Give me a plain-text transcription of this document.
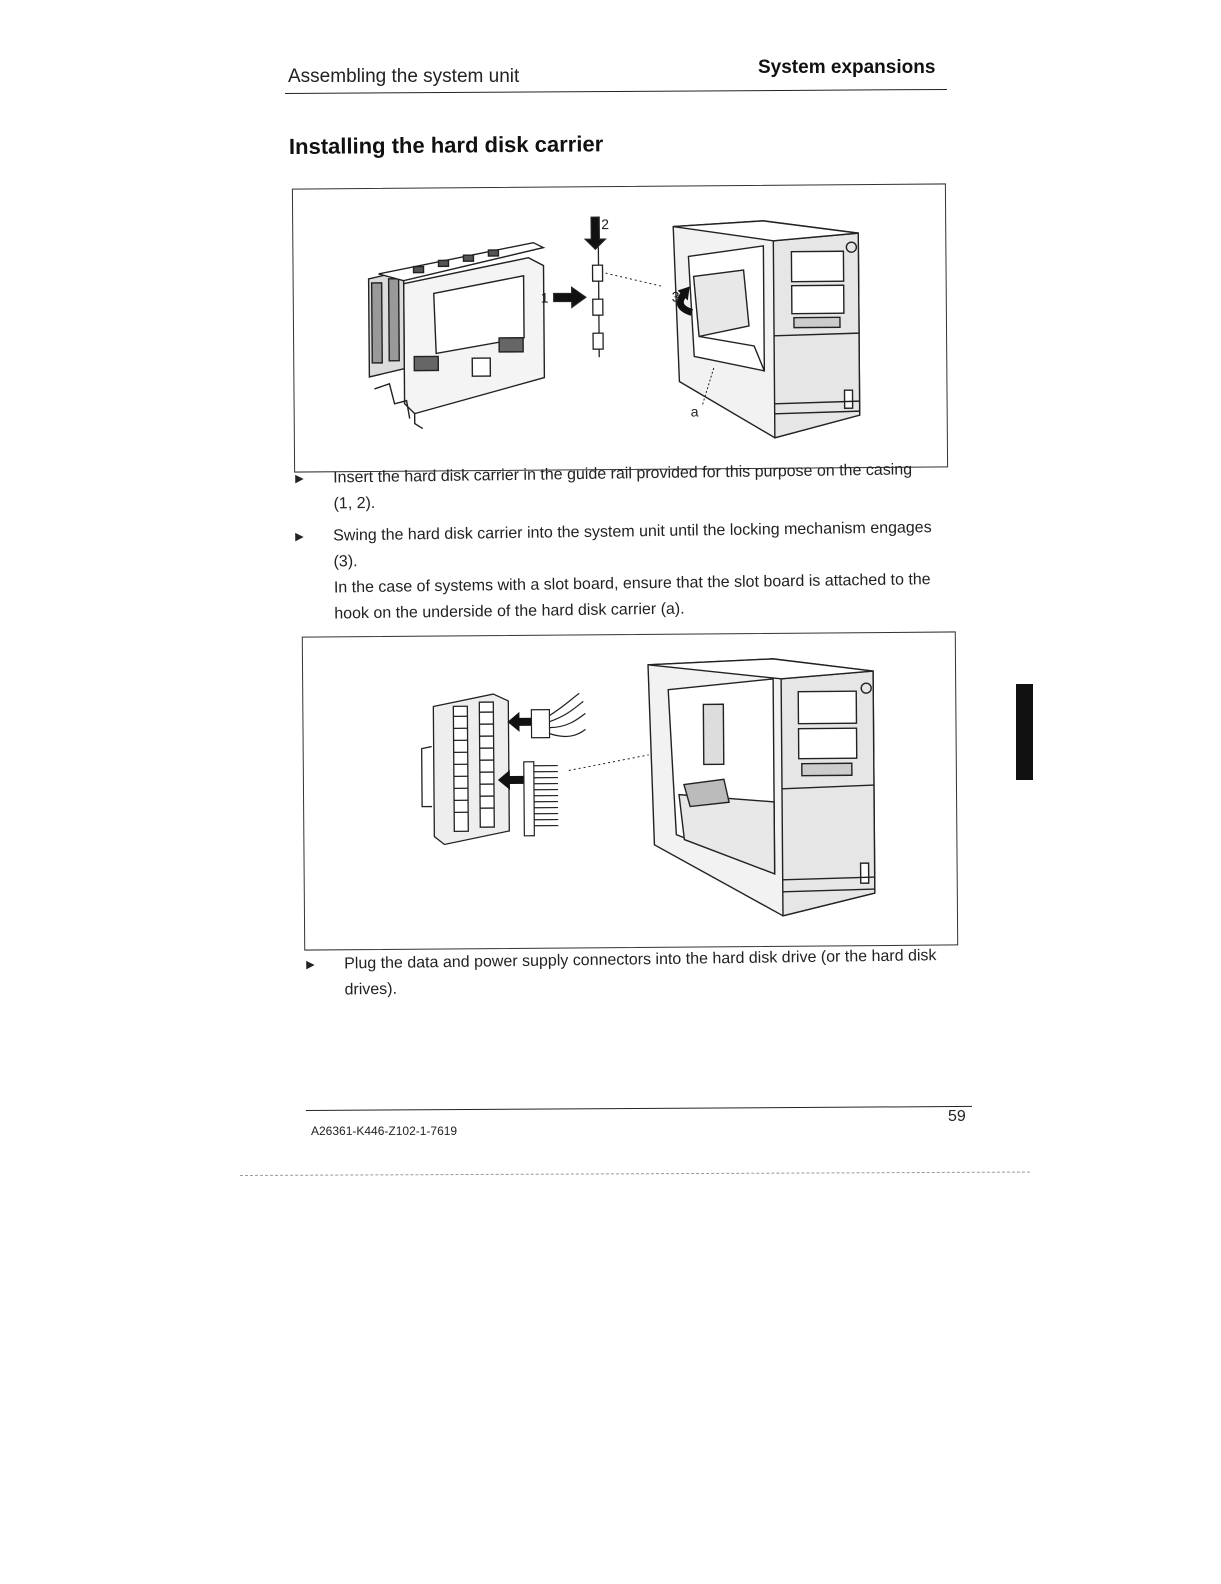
Assembling the system unit	System expansions
Installing the hard disk carrier
2
1	3
a
▶ Insert the hard disk carrier in the guide rail provided for this purpose on the casing (1, 2).
▶ Swing the hard disk carrier into the system unit until the locking mechanism engages (3).
In the case of systems with a slot board, ensure that the slot board is attached to the hook on the underside of the hard disk carrier (a).
▶ Plug the data and power supply connectors into the hard disk drive (or the hard disk drives).
59
A26361-K446-Z102-1-7619
